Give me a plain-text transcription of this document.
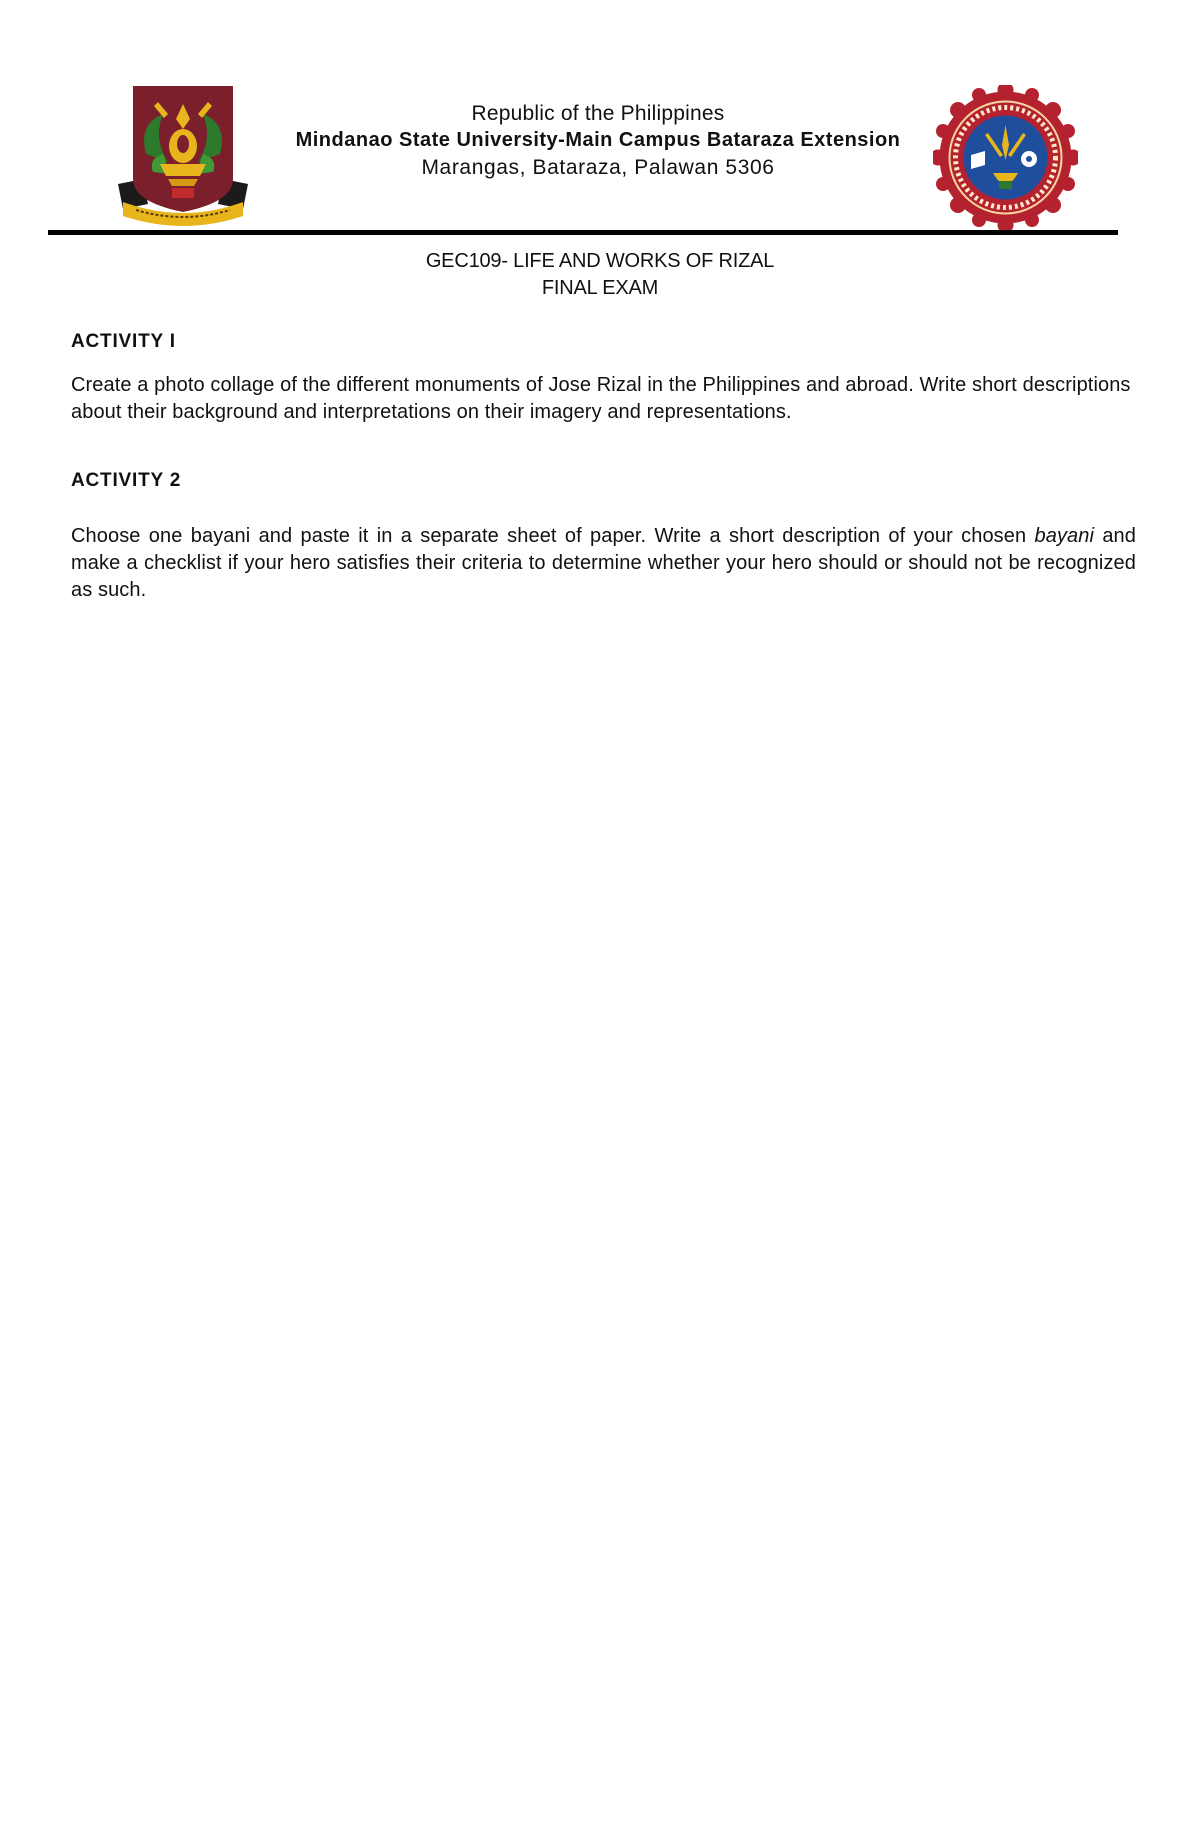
Republic of the Philippines
Mindanao State University-Main Campus Bataraza Extension
Marangas, Bataraza, Palawan 5306
GEC109- LIFE AND WORKS OF RIZAL
FINAL EXAM
ACTIVITY I

Create a photo collage of the different monuments of Jose Rizal in the Philippines and abroad. Write short descriptions about their background and interpretations on their imagery and representations.

ACTIVITY 2

Choose one bayani and paste it in a separate sheet of paper. Write a short description of your chosen bayani and make a checklist if your hero satisfies their criteria to determine whether your hero should or should not be recognized as such.
